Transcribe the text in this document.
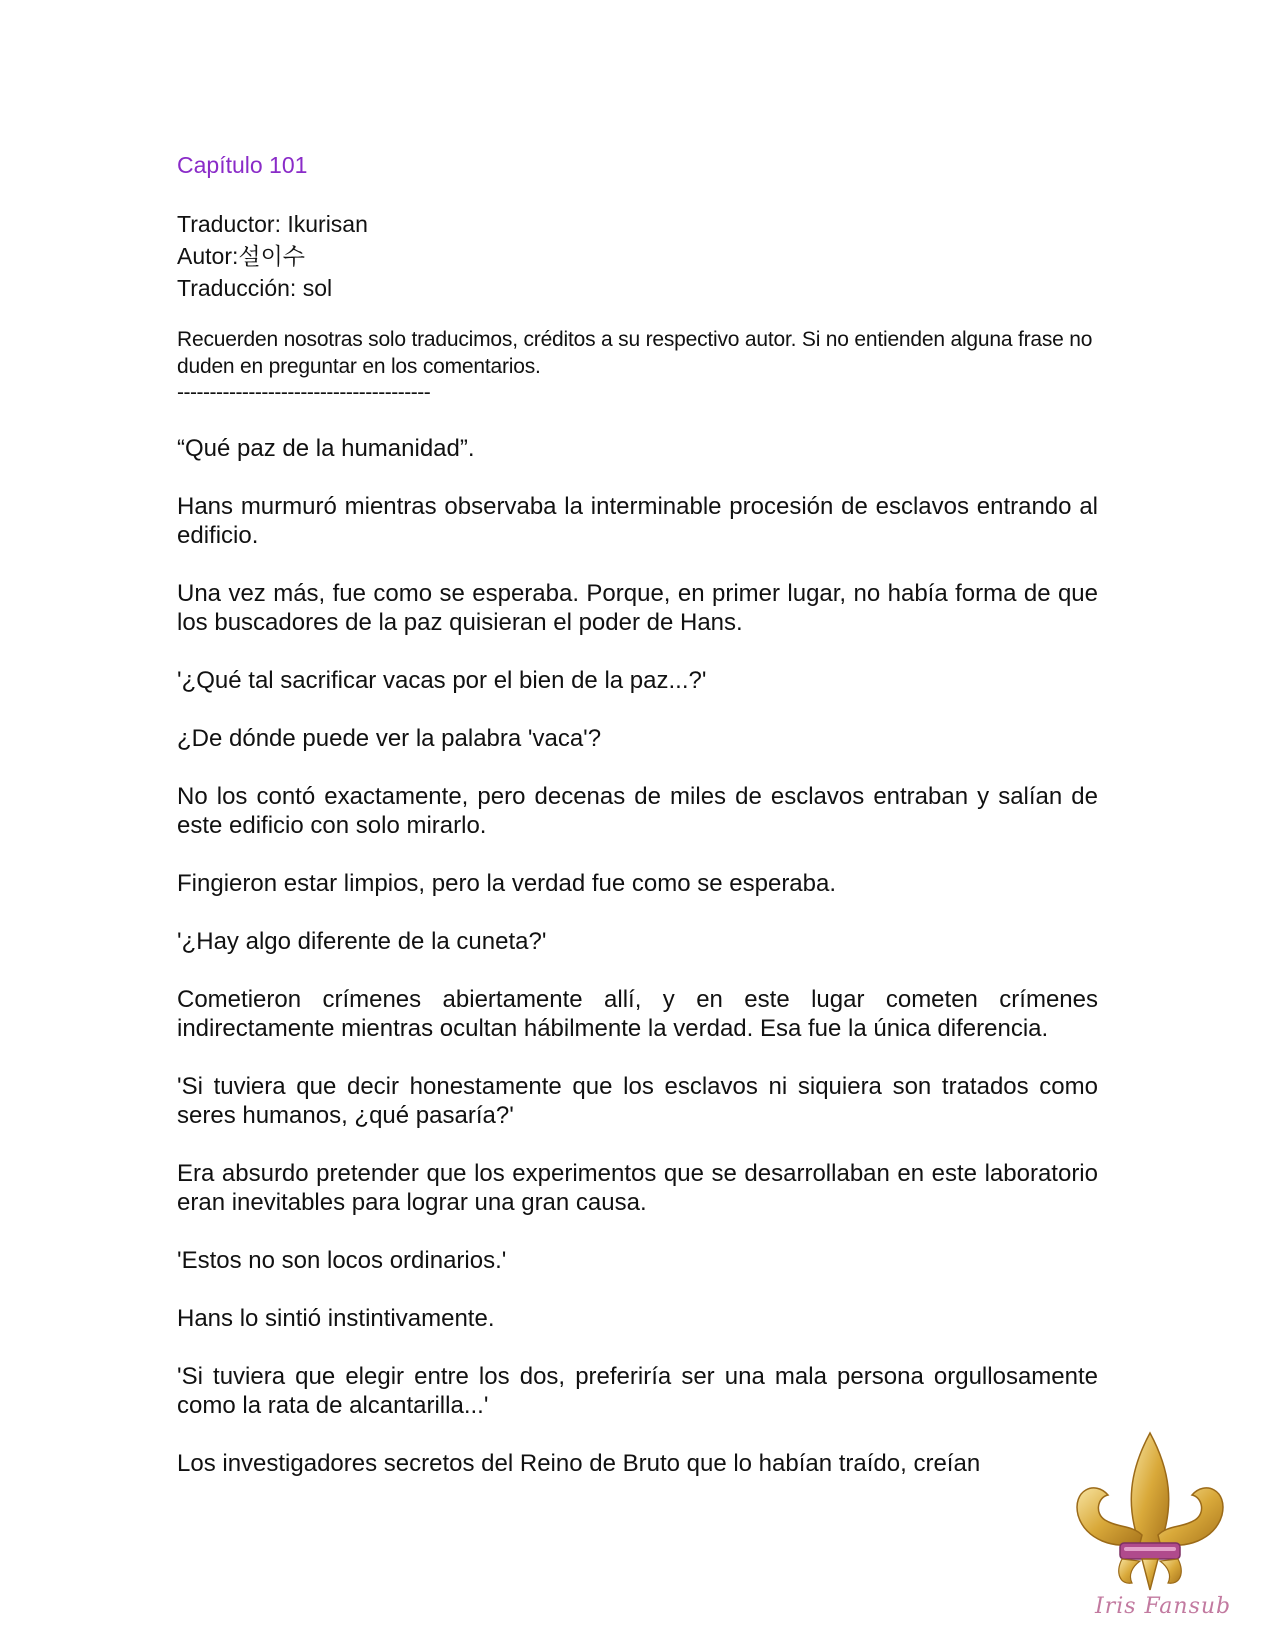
Capítulo 101
Traductor: Ikurisan
Autor:설이수
Traducción: sol
Recuerden nosotras solo traducimos, créditos a su respectivo autor. Si no entienden alguna frase no duden en preguntar en los comentarios.
---------------------------------------

“Qué paz de la humanidad”.

Hans murmuró mientras observaba la interminable procesión de esclavos entrando al edificio.

Una vez más, fue como se esperaba. Porque, en primer lugar, no había forma de que los buscadores de la paz quisieran el poder de Hans.

'¿Qué tal sacrificar vacas por el bien de la paz...?'

¿De dónde puede ver la palabra 'vaca'?

No los contó exactamente, pero decenas de miles de esclavos entraban y salían de este edificio con solo mirarlo.

Fingieron estar limpios, pero la verdad fue como se esperaba.

'¿Hay algo diferente de la cuneta?'

Cometieron crímenes abiertamente allí, y en este lugar cometen crímenes indirectamente mientras ocultan hábilmente la verdad. Esa fue la única diferencia.

'Si tuviera que decir honestamente que los esclavos ni siquiera son tratados como seres humanos, ¿qué pasaría?'

Era absurdo pretender que los experimentos que se desarrollaban en este laboratorio eran inevitables para lograr una gran causa.

'Estos no son locos ordinarios.'

Hans lo sintió instintivamente.

'Si tuviera que elegir entre los dos, preferiría ser una mala persona orgullosamente como la rata de alcantarilla...'

Los investigadores secretos del Reino de Bruto que lo habían traído, creían

Iris Fansub
